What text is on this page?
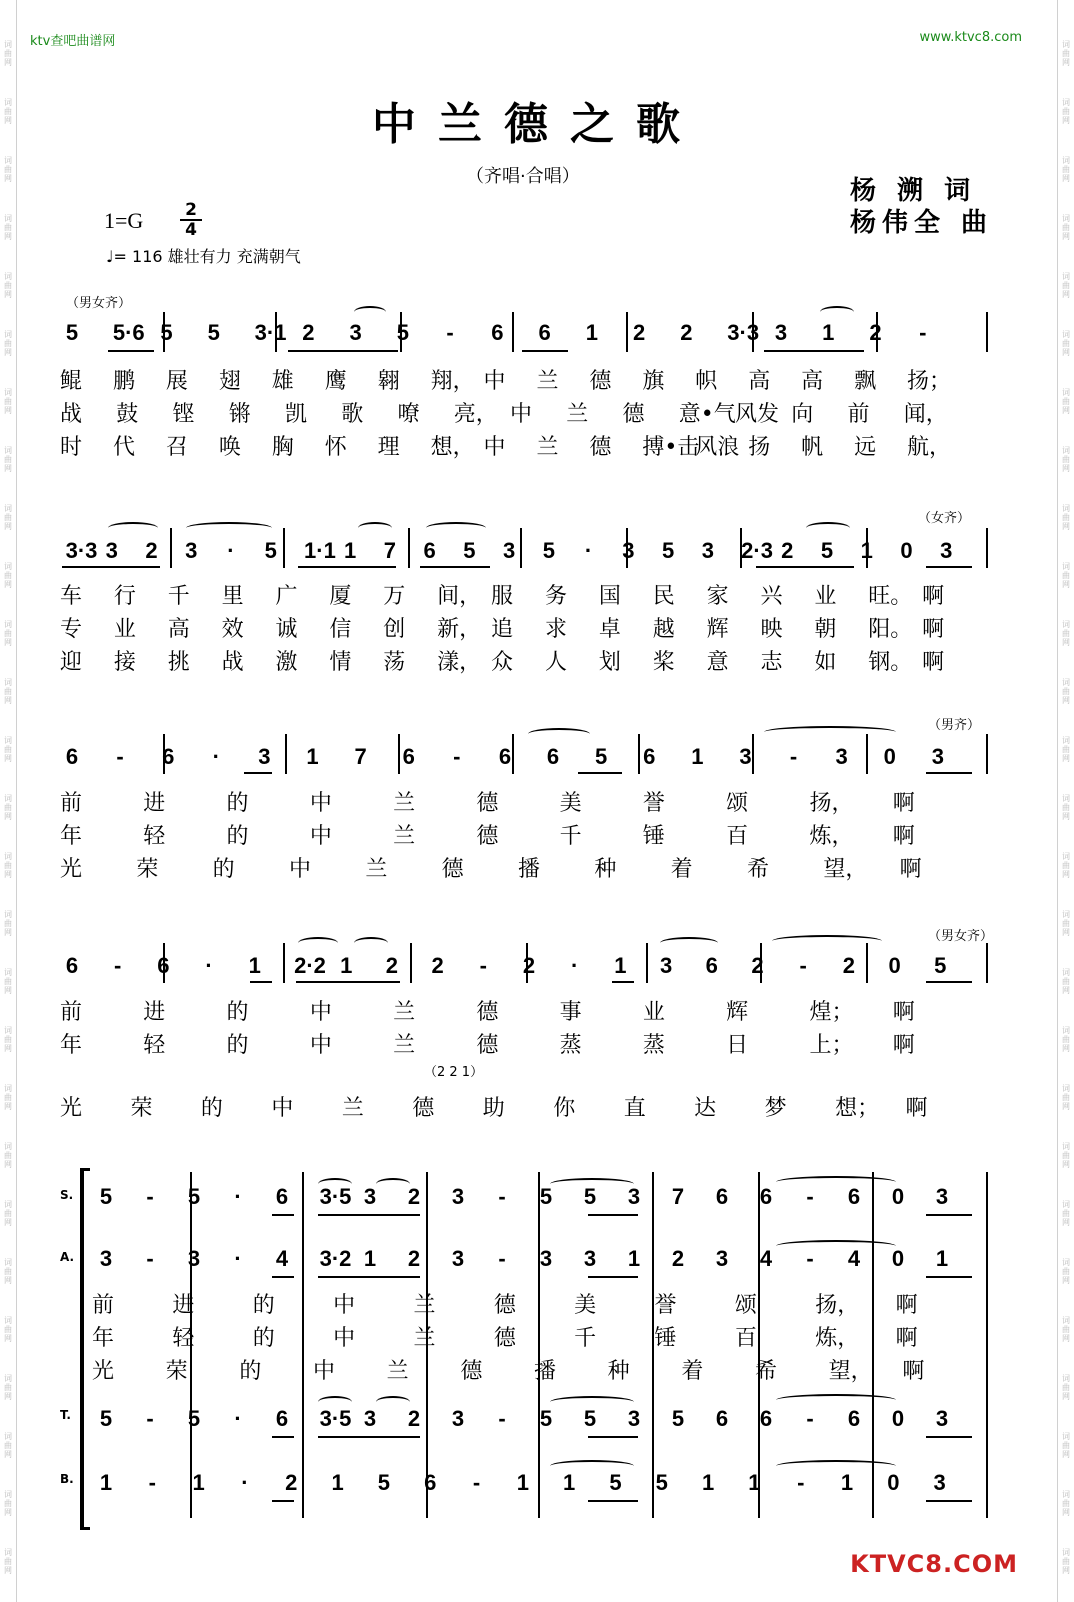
词
曲
网
词
曲
网
词
曲
网
词
曲
网
词
曲
网
词
曲
网
词
曲
网
词
曲
网
词
曲
网
词
曲
网
词
曲
网
词
曲
网
词
曲
网
词
曲
网
词
曲
网
词
曲
网
词
曲
网
词
曲
网
词
曲
网
词
曲
网
词
曲
网
词
曲
网
词
曲
网
词
曲
网
词
曲
网
词
曲
网
词
曲
网
词
曲
网
词
曲
网
词
曲
网
词
曲
网
词
曲
网
词
曲
网
词
曲
网
词
曲
网
词
曲
网
词
曲
网
词
曲
网
词
曲
网
词
曲
网
词
曲
网
词
曲
网
词
曲
网
词
曲
网
词
曲
网
词
曲
网
词
曲
网
词
曲
网
词
曲
网
词
曲
网
词
曲
网
词
曲
网
词
曲
网
词
曲
网
ktv查吧曲谱网	www.ktvc8.com
中兰德之歌
（齐唱·合唱）	杨 溯 词
杨伟全 曲
1=G 2
4
♩= 116 雄壮有力 充满朝气
（男女齐）
（女齐）
（男齐）
（男女齐）
（2 2 1）
S.
A.
T.
B.
5 5·6 5 5 3·1 2 3 5 - 6 6 1 2 2 3·3 3 1 2 -
鲲 鹏 展 翅 雄 鹰 翱 翔， 中 兰 德 旗 帜 高 高 飘 扬；
战 鼓 铿 锵 凯 歌 嘹 亮， 中 兰 德 意•气 风发 向 前 闻，
时 代 召 唤 胸 怀 理 想， 中 兰 德 搏•击
风浪 扬 帆 远 航，
3·3 3 2 3 · 5 1·1 1 7 6 5 3 5 · 3 5 3 2·3 2 5 1 0 3
车 行 千 里 广 厦 万 间， 服 务 国 民 家 兴 业 旺。 啊
专 业 高 效 诚 信 创 新， 追 求 卓 越 辉 映 朝 阳。 啊
迎 接 挑 战 激 情 荡 漾， 众 人 划 桨 意 志 如 钢。 啊
6 - 6 · 3 1 7 6 - 6 6 5 6 1 3 - 3 0 3
前	进	的	中	兰	德	美	誉	颂	扬， 啊
年	轻	的	中	兰	德	千	锤	百	炼， 啊
光 荣 的 中 兰 德 播 种 着 希 望， 啊
6 - 6 · 1 2·2 1 2 2 - 2 · 1 3 6 2 - 2 0 5
前	进	的	中	兰	德	事	业	辉	煌； 啊
年	轻	的	中	兰	德	蒸	蒸	日	上； 啊
光 荣 的 中 兰 德 助 你 直 达 梦 想； 啊
5 - 5 · 6 3·5 3 2 3 - 5 5 3 7 6 6 - 6 0 3
3 - 3 · 4 3·2 1 2 3 - 3 3 1 2 3 4 - 4 0 1
5 - 5 · 6 3·5 3 2 3 - 5 5 3 5 6 6 - 6 0 3
1 - 1 · 2 1 5 6 - 1 1 5 5 1 1 - 1 0 3
前	进	的	中	兰	德	美	誉	颂	扬， 啊
年	轻	的	中	兰	德	千	锤	百	炼， 啊
光 荣 的 中 兰 德 播 种 着 希 望， 啊
KTVC8.COM
